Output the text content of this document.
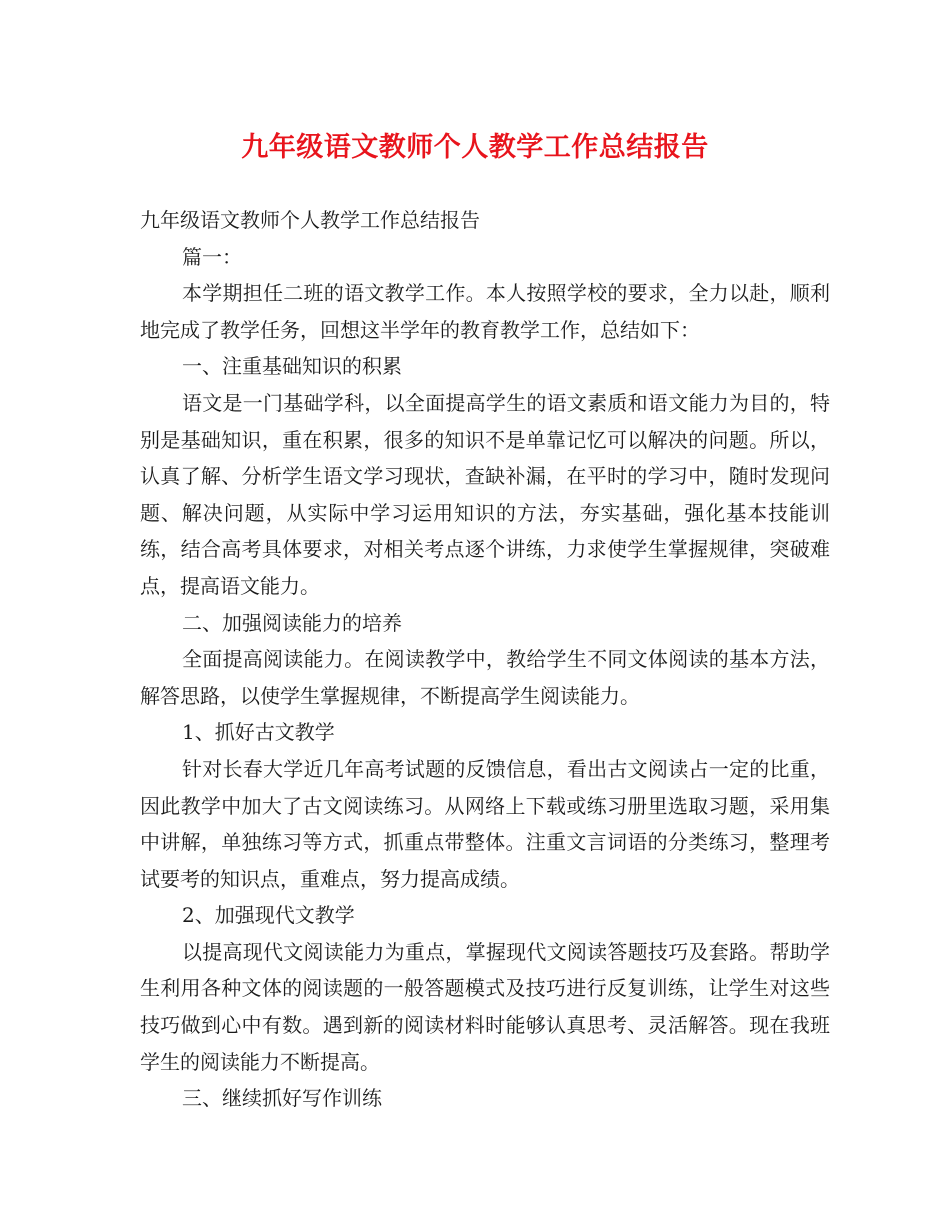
九年级语文教师个人教学工作总结报告

九年级语文教师个人教学工作总结报告

篇一：

本学期担任二班的语文教学工作。本人按照学校的要求，全力以赴，顺利地完成了教学任务，回想这半学年的教育教学工作，总结如下：

一、注重基础知识的积累

语文是一门基础学科，以全面提高学生的语文素质和语文能力为目的，特别是基础知识，重在积累，很多的知识不是单靠记忆可以解决的问题。所以，认真了解、分析学生语文学习现状，查缺补漏，在平时的学习中，随时发现问题、解决问题，从实际中学习运用知识的方法，夯实基础，强化基本技能训练，结合高考具体要求，对相关考点逐个讲练，力求使学生掌握规律，突破难点，提高语文能力。

二、加强阅读能力的培养

全面提高阅读能力。在阅读教学中，教给学生不同文体阅读的基本方法，解答思路，以使学生掌握规律，不断提高学生阅读能力。

1、抓好古文教学

针对长春大学近几年高考试题的反馈信息，看出古文阅读占一定的比重，因此教学中加大了古文阅读练习。从网络上下载或练习册里选取习题，采用集中讲解，单独练习等方式，抓重点带整体。注重文言词语的分类练习，整理考试要考的知识点，重难点，努力提高成绩。

2、加强现代文教学

以提高现代文阅读能力为重点，掌握现代文阅读答题技巧及套路。帮助学生利用各种文体的阅读题的一般答题模式及技巧进行反复训练，让学生对这些技巧做到心中有数。遇到新的阅读材料时能够认真思考、灵活解答。现在我班学生的阅读能力不断提高。

三、继续抓好写作训练
